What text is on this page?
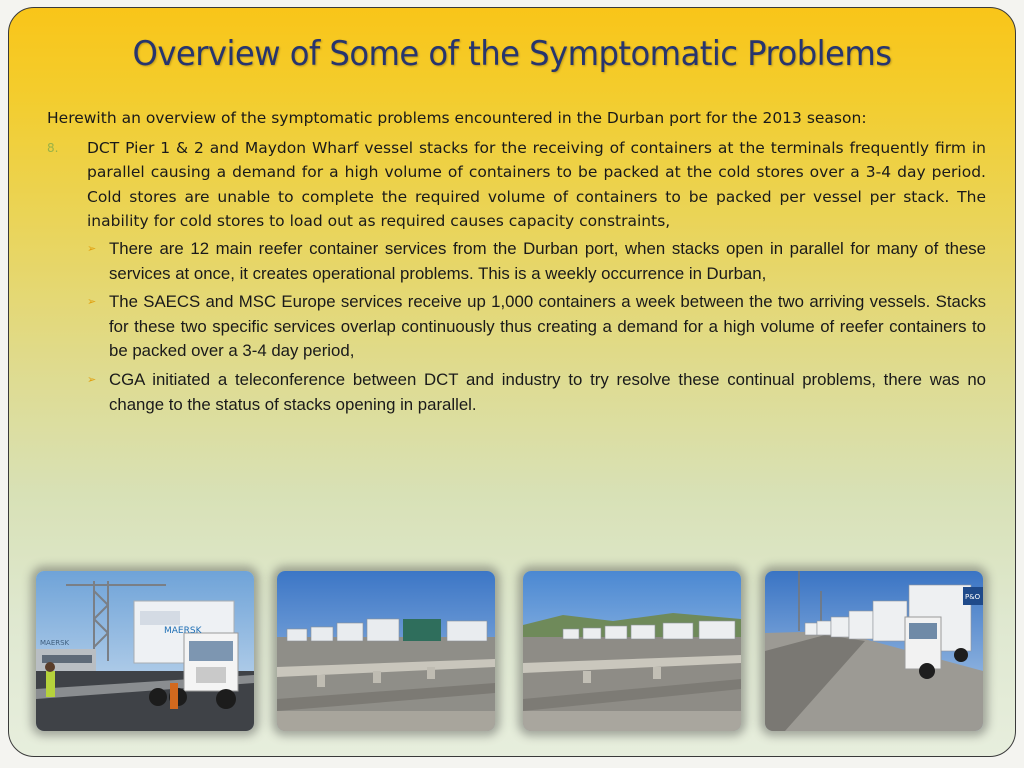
Overview of Some of the Symptomatic Problems

Herewith an overview of the symptomatic problems encountered in the Durban port for the 2013 season:

8. DCT Pier 1 & 2 and Maydon Wharf vessel stacks for the receiving of containers at the terminals frequently firm in parallel causing a demand for a high volume of containers to be packed at the cold stores over a 3-4 day period. Cold stores are unable to complete the required volume of containers to be packed per vessel per stack. The inability for cold stores to load out as required causes capacity constraints,
➢ There are 12 main reefer container services from the Durban port, when stacks open in parallel for many of these services at once, it creates operational problems. This is a weekly occurrence in Durban,
➢ The SAECS and MSC Europe services receive up 1,000 containers a week between the two arriving vessels. Stacks for these two specific services overlap continuously thus creating a demand for a high volume of reefer containers to be packed over a 3-4 day period,
➢ CGA initiated a teleconference between DCT and industry to try resolve these continual problems, there was no change to the status of stacks opening in parallel.
MAERSK
MAERSK
P&O
